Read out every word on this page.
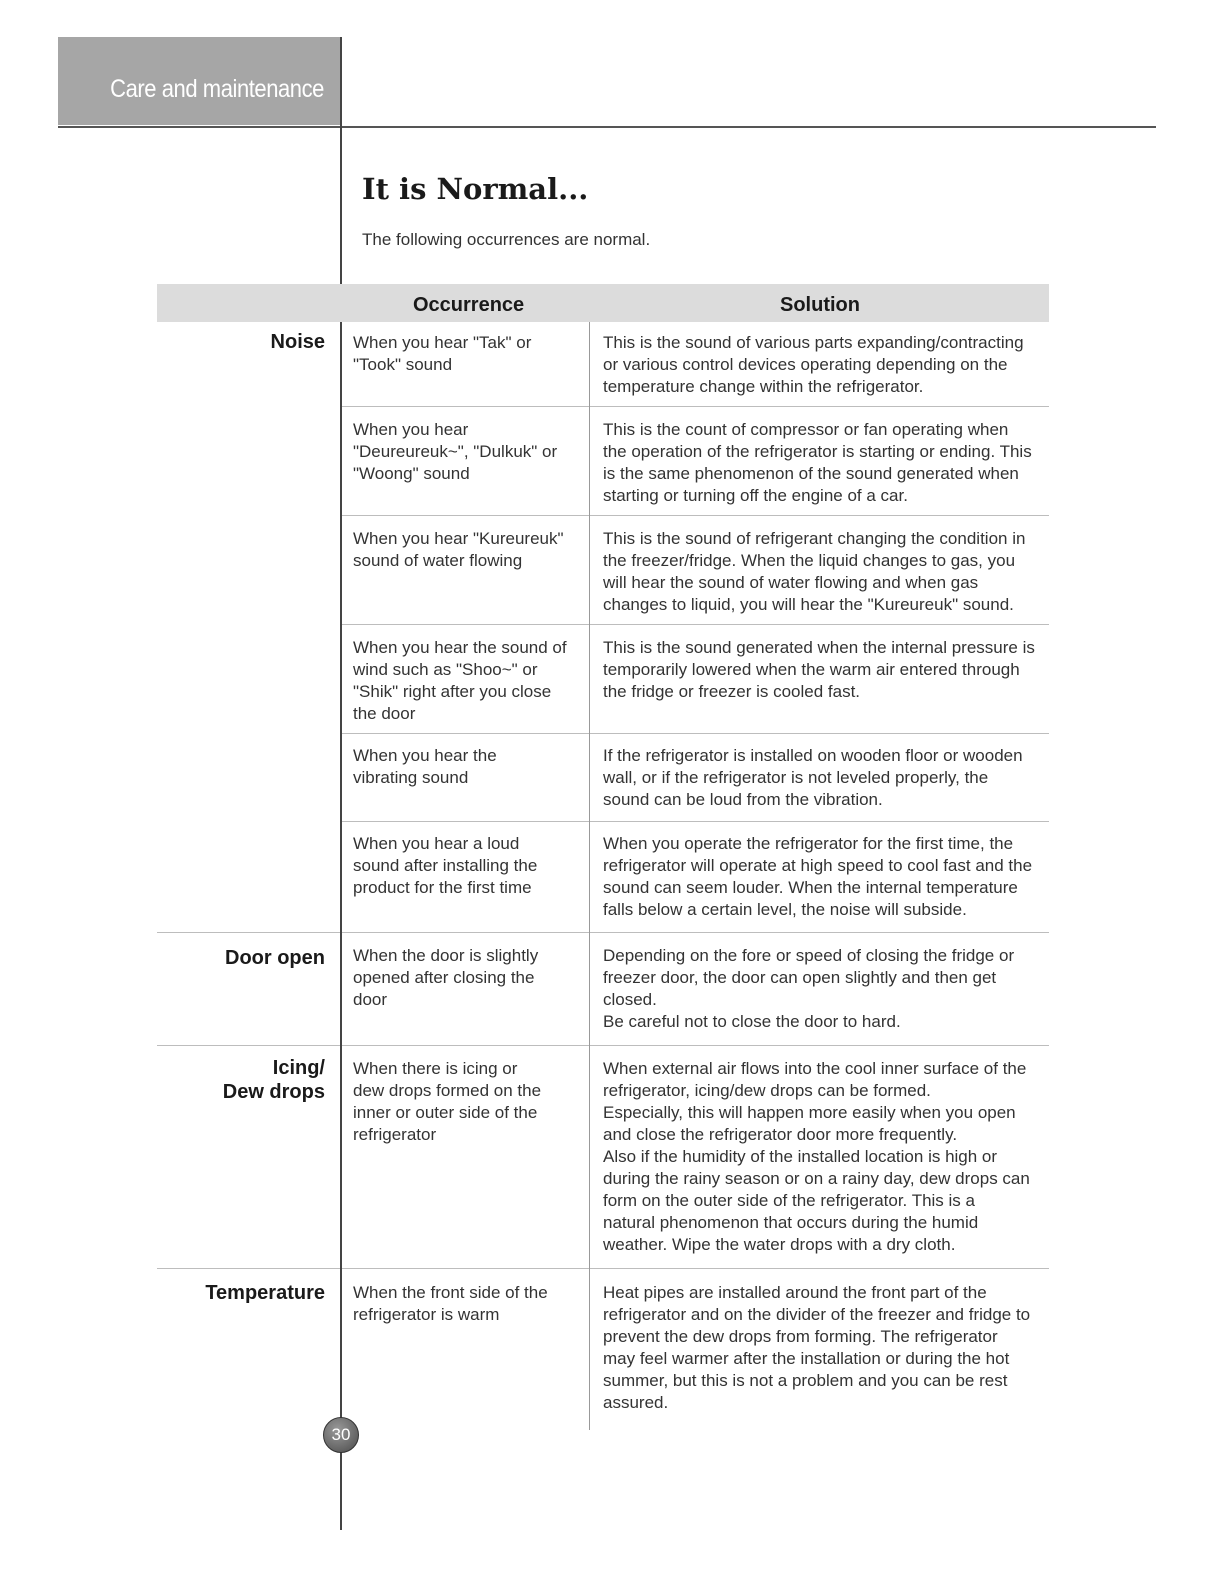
Care and maintenance
It is Normal...
The following occurrences are normal.
Occurrence	Solution
Noise
Door open
Icing/
Dew drops
Temperature
When you hear "Tak" or
"Took" sound
This is the sound of various parts expanding/contracting
or various control devices operating depending on the
temperature change within the refrigerator.
When you hear
"Deureureuk~", "Dulkuk" or
"Woong" sound
This is the count of compressor or fan operating when
the operation of the refrigerator is starting or ending. This
is the same phenomenon of the sound generated when
starting or turning off the engine of a car.
When you hear "Kureureuk"
sound of water flowing
This is the sound of refrigerant changing the condition in
the freezer/fridge. When the liquid changes to gas, you
will hear the sound of water flowing and when gas
changes to liquid, you will hear the "Kureureuk" sound.
When you hear the sound of
wind such as "Shoo~" or
"Shik" right after you close
the door
This is the sound generated when the internal pressure is
temporarily lowered when the warm air entered through
the fridge or freezer is cooled fast.
When you hear the
vibrating sound
If the refrigerator is installed on wooden floor or wooden
wall, or if the refrigerator is not leveled properly, the
sound can be loud from the vibration.
When you hear a loud
sound after installing the
product for the first time
When you operate the refrigerator for the first time, the
refrigerator will operate at high speed to cool fast and the
sound can seem louder. When the internal temperature
falls below a certain level, the noise will subside.
When the door is slightly
opened after closing the
door
Depending on the fore or speed of closing the fridge or
freezer door, the door can open slightly and then get
closed.
Be careful not to close the door to hard.
When there is icing or
dew drops formed on the
inner or outer side of the
refrigerator
When external air flows into the cool inner surface of the
refrigerator, icing/dew drops can be formed.
Especially, this will happen more easily when you open
and close the refrigerator door more frequently.
Also if the humidity of the installed location is high or
during the rainy season or on a rainy day, dew drops can
form on the outer side of the refrigerator. This is a
natural phenomenon that occurs during the humid
weather. Wipe the water drops with a dry cloth.
When the front side of the
refrigerator is warm
Heat pipes are installed around the front part of the
refrigerator and on the divider of the freezer and fridge to
prevent the dew drops from forming. The refrigerator
may feel warmer after the installation or during the hot
summer, but this is not a problem and you can be rest
assured.
30
